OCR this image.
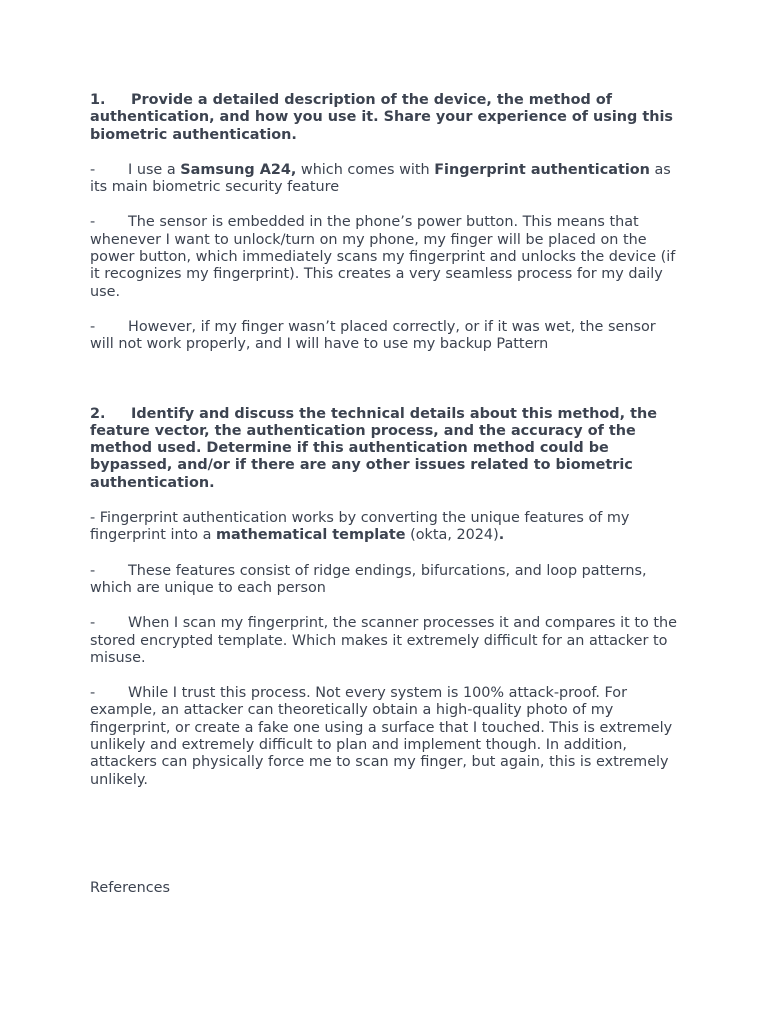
1. Provide a detailed description of the device, the method of authentication, and how you use it. Share your experience of using this biometric authentication.

- I use a Samsung A24, which comes with Fingerprint authentication as its main biometric security feature

- The sensor is embedded in the phone’s power button. This means that whenever I want to unlock/turn on my phone, my finger will be placed on the power button, which immediately scans my fingerprint and unlocks the device (if it recognizes my fingerprint). This creates a very seamless process for my daily use.

- However, if my finger wasn’t placed correctly, or if it was wet, the sensor will not work properly, and I will have to use my backup Pattern

2. Identify and discuss the technical details about this method, the feature vector, the authentication process, and the accuracy of the method used. Determine if this authentication method could be bypassed, and/or if there are any other issues related to biometric authentication.

- Fingerprint authentication works by converting the unique features of my fingerprint into a mathematical template (okta, 2024).

- These features consist of ridge endings, bifurcations, and loop patterns, which are unique to each person

- When I scan my fingerprint, the scanner processes it and compares it to the stored encrypted template. Which makes it extremely difficult for an attacker to misuse.

- While I trust this process. Not every system is 100% attack-proof. For example, an attacker can theoretically obtain a high-quality photo of my fingerprint, or create a fake one using a surface that I touched. This is extremely unlikely and extremely difficult to plan and implement though. In addition, attackers can physically force me to scan my finger, but again, this is extremely unlikely.

References
